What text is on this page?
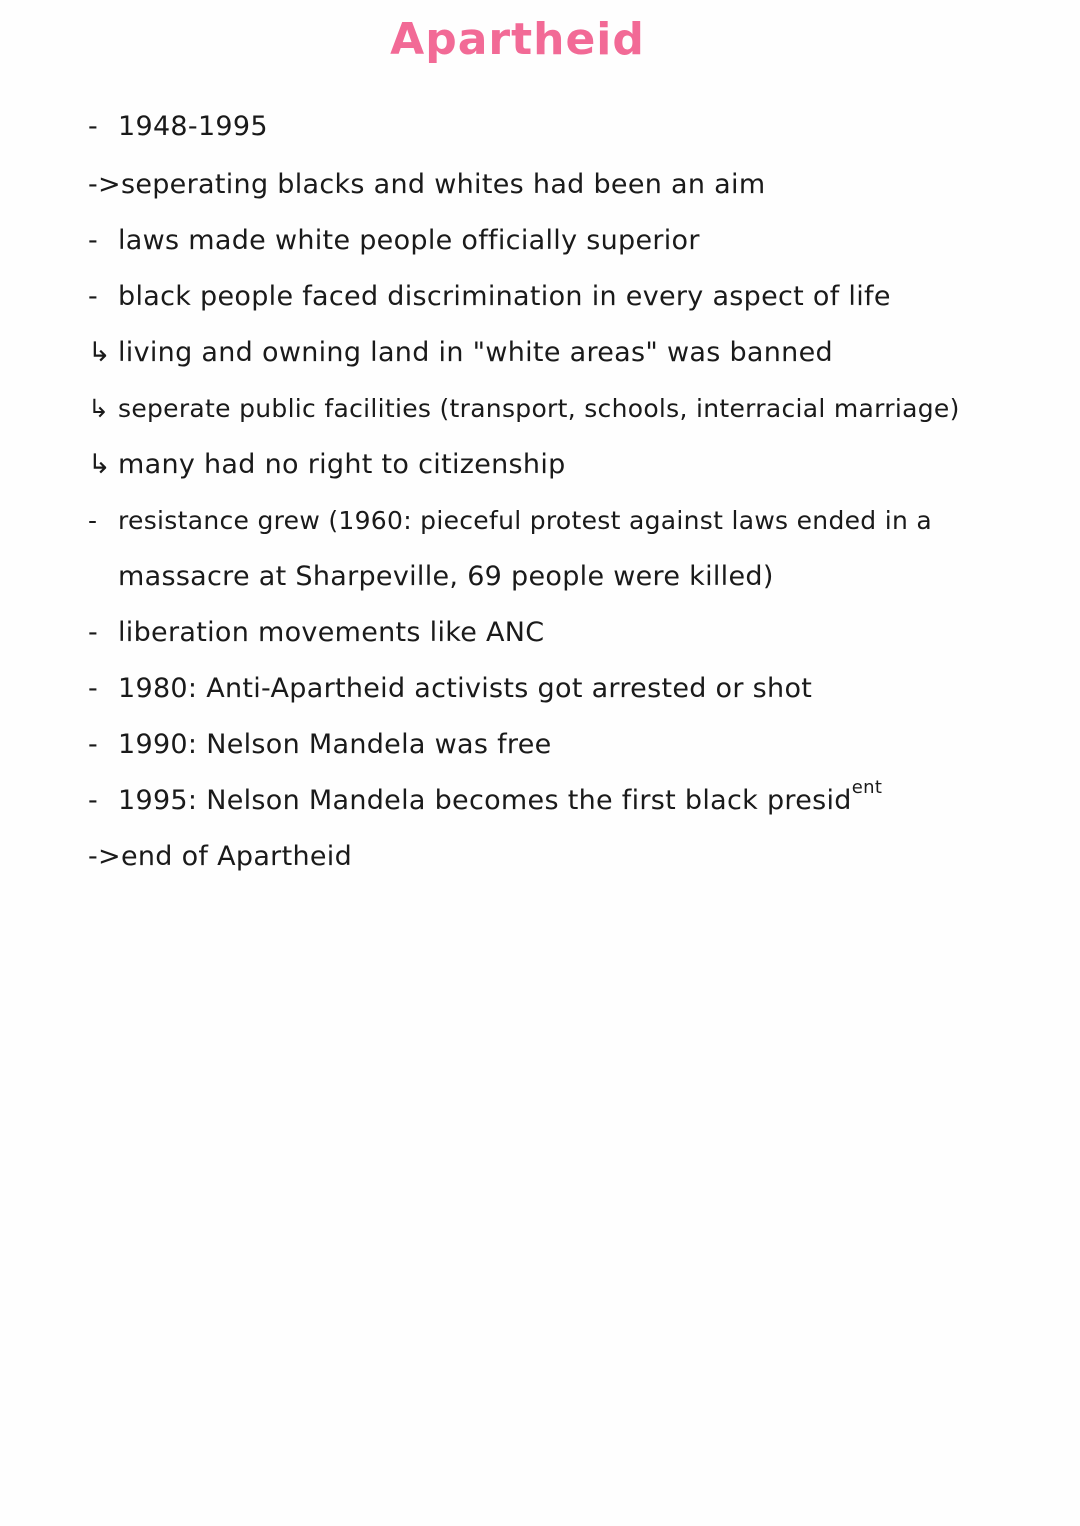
Apartheid
- 1948-1995
->seperating blacks and whites had been an aim
- laws made white people officially superior
- black people faced discrimination in every aspect of life
↳ living and owning land in "white areas" was banned
↳ seperate public facilities (transport, schools, interracial marriage)
↳ many had no right to citizenship
- resistance grew (1960: pieceful protest against laws ended in a
massacre at Sharpeville, 69 people were killed)
- liberation movements like ANC
- 1980: Anti-Apartheid activists got arrested or shot
- 1990: Nelson Mandela was free
- 1995: Nelson Mandela becomes the first black presid$^{ent}$
->end of Apartheid
